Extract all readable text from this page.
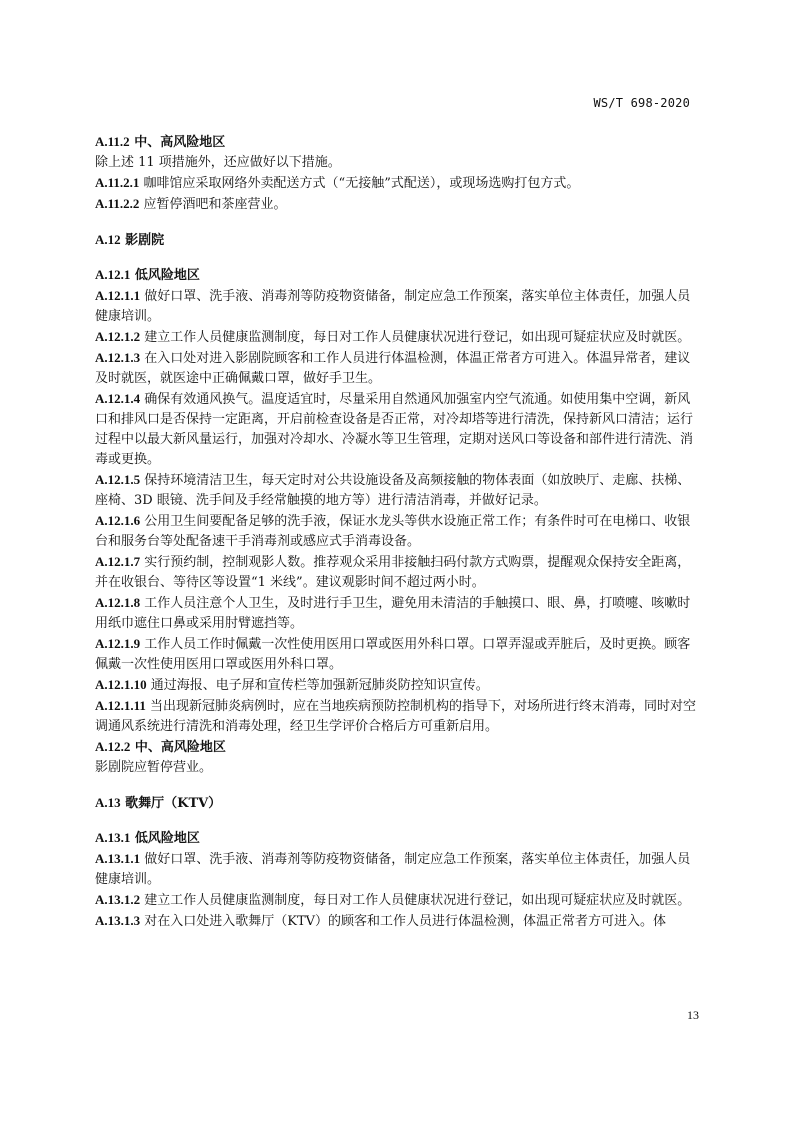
WS/T 698-2020
A.11.2 中、高风险地区
除上述 11 项措施外，还应做好以下措施。
A.11.2.1 咖啡馆应采取网络外卖配送方式（“无接触”式配送），或现场选购打包方式。
A.11.2.2 应暂停酒吧和茶座营业。
A.12 影剧院
A.12.1 低风险地区
A.12.1.1 做好口罩、洗手液、消毒剂等防疫物资储备，制定应急工作预案，落实单位主体责任，加强人员健康培训。
A.12.1.2 建立工作人员健康监测制度，每日对工作人员健康状况进行登记，如出现可疑症状应及时就医。
A.12.1.3 在入口处对进入影剧院顾客和工作人员进行体温检测，体温正常者方可进入。体温异常者，建议及时就医，就医途中正确佩戴口罩，做好手卫生。
A.12.1.4 确保有效通风换气。温度适宜时，尽量采用自然通风加强室内空气流通。如使用集中空调，新风口和排风口是否保持一定距离，开启前检查设备是否正常，对冷却塔等进行清洗，保持新风口清洁；运行过程中以最大新风量运行，加强对冷却水、冷凝水等卫生管理，定期对送风口等设备和部件进行清洗、消毒或更换。
A.12.1.5 保持环境清洁卫生，每天定时对公共设施设备及高频接触的物体表面（如放映厅、走廊、扶梯、座椅、3D 眼镜、洗手间及手经常触摸的地方等）进行清洁消毒，并做好记录。
A.12.1.6 公用卫生间要配备足够的洗手液，保证水龙头等供水设施正常工作；有条件时可在电梯口、收银台和服务台等处配备速干手消毒剂或感应式手消毒设备。
A.12.1.7 实行预约制，控制观影人数。推荐观众采用非接触扫码付款方式购票，提醒观众保持安全距离，并在收银台、等待区等设置“1 米线”。建议观影时间不超过两小时。
A.12.1.8 工作人员注意个人卫生，及时进行手卫生，避免用未清洁的手触摸口、眼、鼻，打喷嚏、咳嗽时用纸巾遮住口鼻或采用肘臂遮挡等。
A.12.1.9 工作人员工作时佩戴一次性使用医用口罩或医用外科口罩。口罩弄湿或弄脏后，及时更换。顾客佩戴一次性使用医用口罩或医用外科口罩。
A.12.1.10 通过海报、电子屏和宣传栏等加强新冠肺炎防控知识宣传。
A.12.1.11 当出现新冠肺炎病例时，应在当地疾病预防控制机构的指导下，对场所进行终末消毒，同时对空调通风系统进行清洗和消毒处理，经卫生学评价合格后方可重新启用。
A.12.2 中、高风险地区
影剧院应暂停营业。
A.13 歌舞厅（KTV）
A.13.1 低风险地区
A.13.1.1 做好口罩、洗手液、消毒剂等防疫物资储备，制定应急工作预案，落实单位主体责任，加强人员健康培训。
A.13.1.2 建立工作人员健康监测制度，每日对工作人员健康状况进行登记，如出现可疑症状应及时就医。
A.13.1.3 对在入口处进入歌舞厅（KTV）的顾客和工作人员进行体温检测，体温正常者方可进入。体
13
